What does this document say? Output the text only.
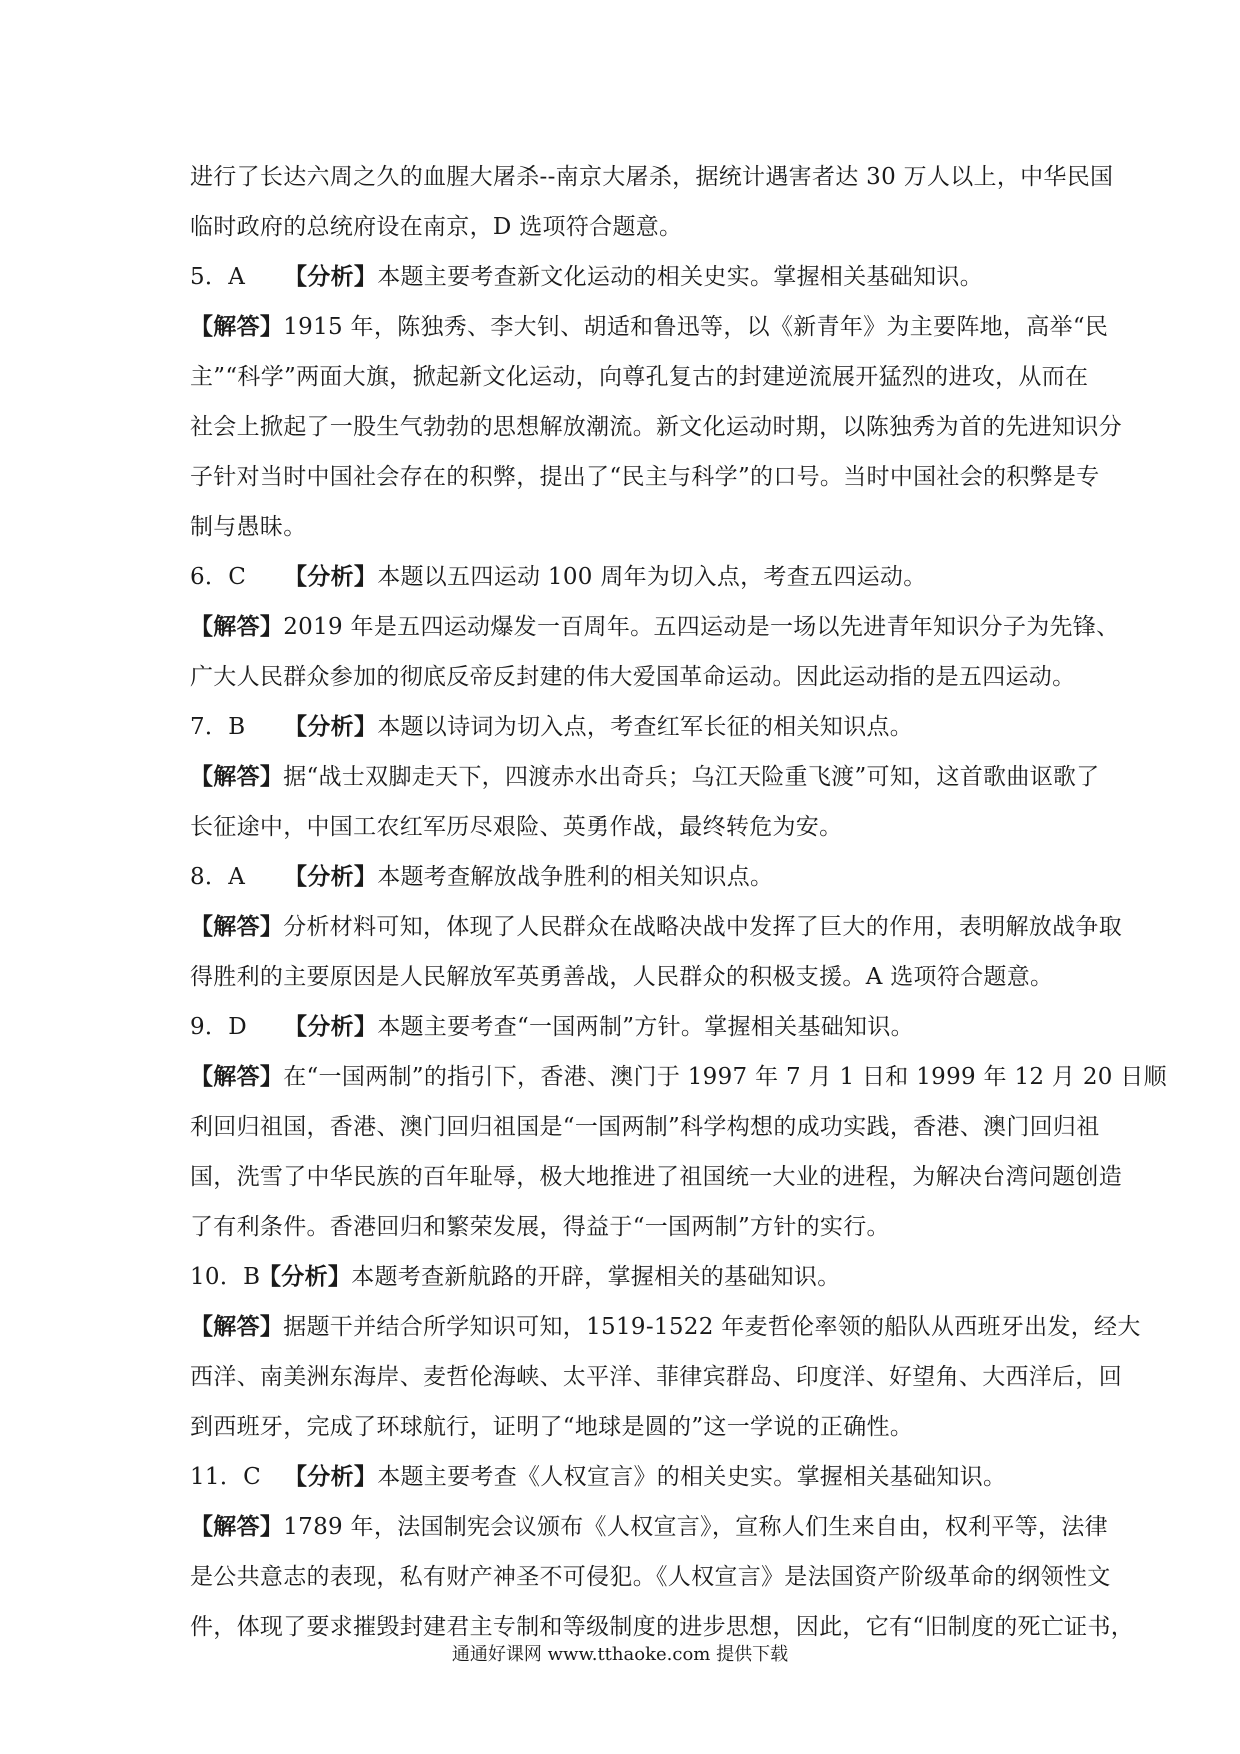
进行了长达六周之久的血腥大屠杀--南京大屠杀，据统计遇害者达 30 万人以上，中华民国
临时政府的总统府设在南京，D 选项符合题意。
5．A 【分析】本题主要考查新文化运动的相关史实。掌握相关基础知识。
【解答】1915 年，陈独秀、李大钊、胡适和鲁迅等，以《新青年》为主要阵地，高举“民
主”“科学”两面大旗，掀起新文化运动，向尊孔复古的封建逆流展开猛烈的进攻，从而在
社会上掀起了一股生气勃勃的思想解放潮流。新文化运动时期，以陈独秀为首的先进知识分
子针对当时中国社会存在的积弊，提出了“民主与科学”的口号。当时中国社会的积弊是专
制与愚昧。
6．C 【分析】本题以五四运动 100 周年为切入点，考查五四运动。
【解答】2019 年是五四运动爆发一百周年。五四运动是一场以先进青年知识分子为先锋、
广大人民群众参加的彻底反帝反封建的伟大爱国革命运动。因此运动指的是五四运动。
7．B 【分析】本题以诗词为切入点，考查红军长征的相关知识点。
【解答】据“战士双脚走天下，四渡赤水出奇兵；乌江天险重飞渡”可知，这首歌曲讴歌了
长征途中，中国工农红军历尽艰险、英勇作战，最终转危为安。
8．A 【分析】本题考查解放战争胜利的相关知识点。
【解答】分析材料可知，体现了人民群众在战略决战中发挥了巨大的作用，表明解放战争取
得胜利的主要原因是人民解放军英勇善战，人民群众的积极支援。A 选项符合题意。
9．D 【分析】本题主要考查“一国两制”方针。掌握相关基础知识。
【解答】在“一国两制”的指引下，香港、澳门于 1997 年 7 月 1 日和 1999 年 12 月 20 日顺
利回归祖国，香港、澳门回归祖国是“一国两制”科学构想的成功实践，香港、澳门回归祖
国，洗雪了中华民族的百年耻辱，极大地推进了祖国统一大业的进程，为解决台湾问题创造
了有利条件。香港回归和繁荣发展，得益于“一国两制”方针的实行。
10．B【分析】本题考查新航路的开辟，掌握相关的基础知识。
【解答】据题干并结合所学知识可知，1519-1522 年麦哲伦率领的船队从西班牙出发，经大
西洋、南美洲东海岸、麦哲伦海峡、太平洋、菲律宾群岛、印度洋、好望角、大西洋后，回
到西班牙，完成了环球航行，证明了“地球是圆的”这一学说的正确性。
11．C 【分析】本题主要考查《人权宣言》的相关史实。掌握相关基础知识。
【解答】1789 年，法国制宪会议颁布《人权宣言》，宣称人们生来自由，权利平等，法律
是公共意志的表现，私有财产神圣不可侵犯。《人权宣言》是法国资产阶级革命的纲领性文
件，体现了要求摧毁封建君主专制和等级制度的进步思想，因此，它有“旧制度的死亡证书，
通通好课网 www.tthaoke.com 提供下载
